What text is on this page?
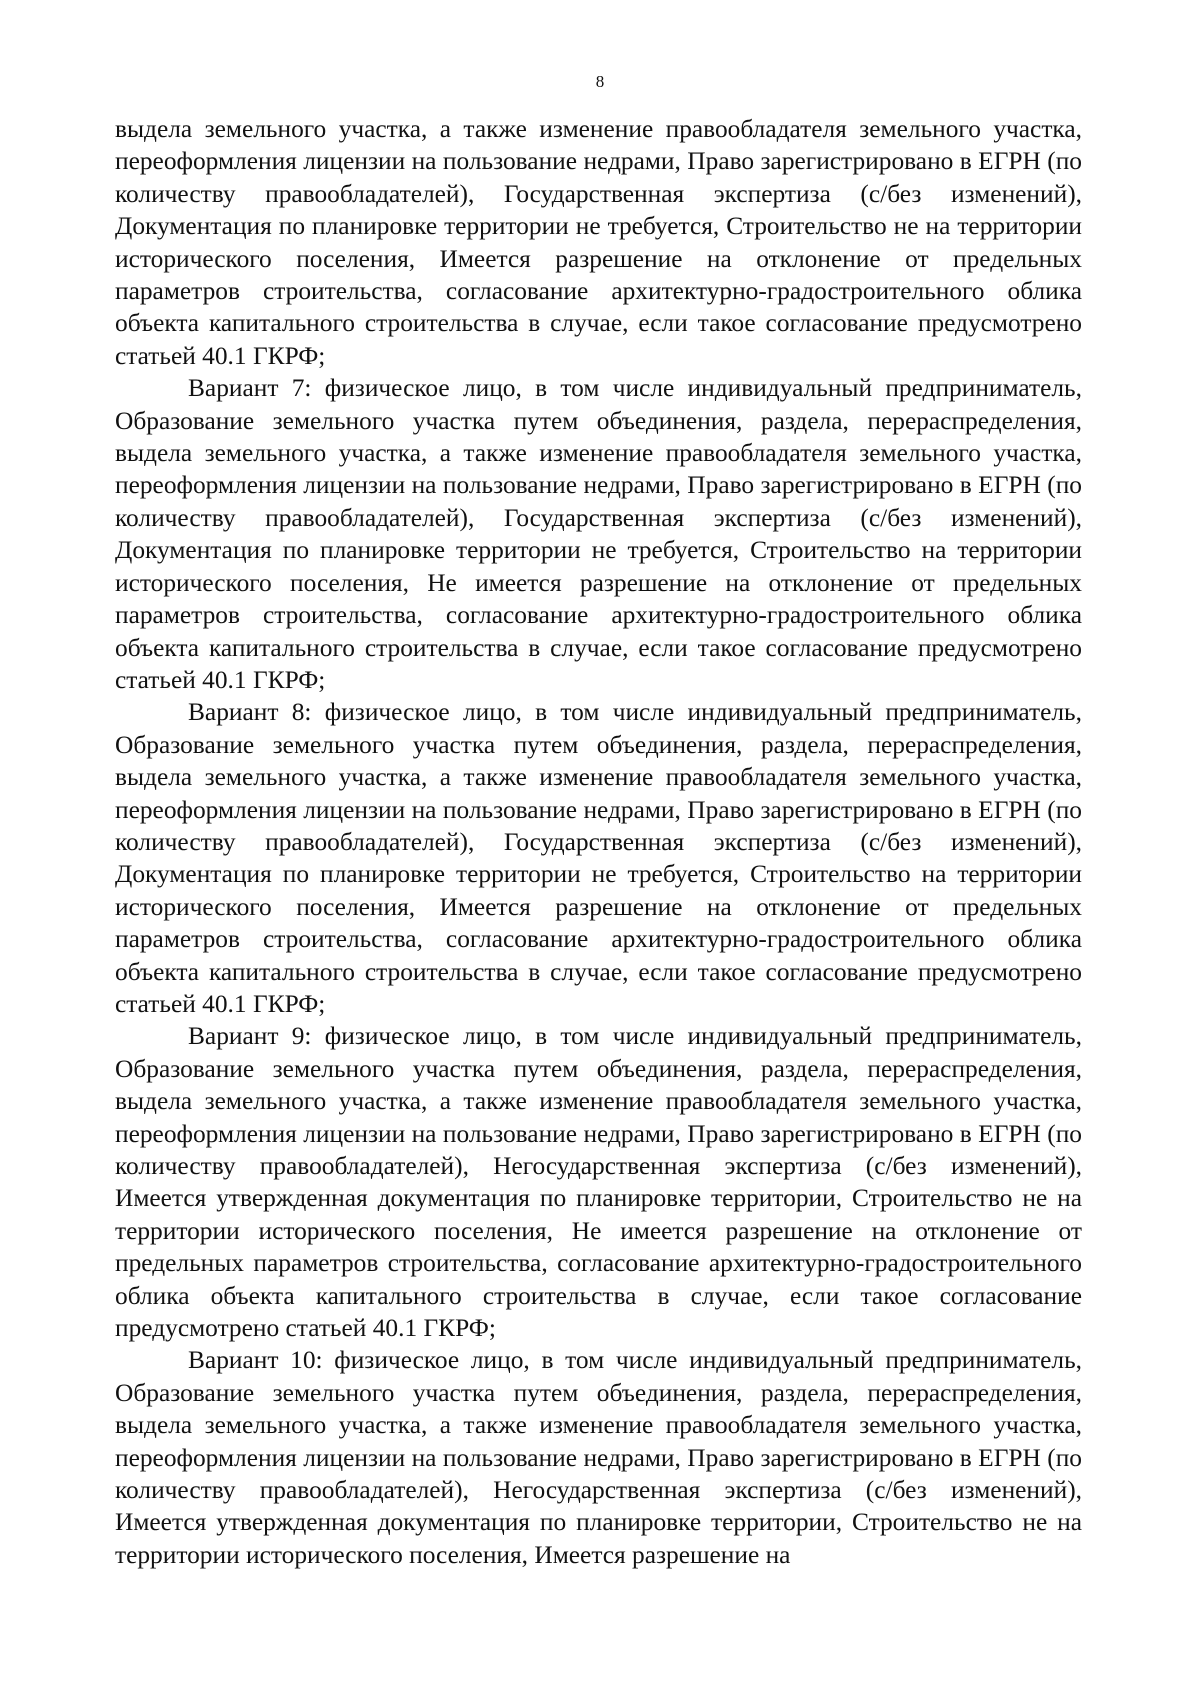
8

выдела земельного участка, а также изменение правообладателя земельного участка, переоформления лицензии на пользование недрами, Право зарегистрировано в ЕГРН (по количеству правообладателей), Государственная экспертиза (с/без изменений), Документация по планировке территории не требуется, Строительство не на территории исторического поселения, Имеется разрешение на отклонение от предельных параметров строительства, согласование архитектурно-градостроительного облика объекта капитального строительства в случае, если такое согласование предусмотрено статьей 40.1 ГКРФ;

Вариант 7: физическое лицо, в том числе индивидуальный предприниматель, Образование земельного участка путем объединения, раздела, перераспределения, выдела земельного участка, а также изменение правообладателя земельного участка, переоформления лицензии на пользование недрами, Право зарегистрировано в ЕГРН (по количеству правообладателей), Государственная экспертиза (с/без изменений), Документация по планировке территории не требуется, Строительство на территории исторического поселения, Не имеется разрешение на отклонение от предельных параметров строительства, согласование архитектурно-градостроительного облика объекта капитального строительства в случае, если такое согласование предусмотрено статьей 40.1 ГКРФ;

Вариант 8: физическое лицо, в том числе индивидуальный предприниматель, Образование земельного участка путем объединения, раздела, перераспределения, выдела земельного участка, а также изменение правообладателя земельного участка, переоформления лицензии на пользование недрами, Право зарегистрировано в ЕГРН (по количеству правообладателей), Государственная экспертиза (с/без изменений), Документация по планировке территории не требуется, Строительство на территории исторического поселения, Имеется разрешение на отклонение от предельных параметров строительства, согласование архитектурно-градостроительного облика объекта капитального строительства в случае, если такое согласование предусмотрено статьей 40.1 ГКРФ;

Вариант 9: физическое лицо, в том числе индивидуальный предприниматель, Образование земельного участка путем объединения, раздела, перераспределения, выдела земельного участка, а также изменение правообладателя земельного участка, переоформления лицензии на пользование недрами, Право зарегистрировано в ЕГРН (по количеству правообладателей), Негосударственная экспертиза (с/без изменений), Имеется утвержденная документация по планировке территории, Строительство не на территории исторического поселения, Не имеется разрешение на отклонение от предельных параметров строительства, согласование архитектурно-градостроительного облика объекта капитального строительства в случае, если такое согласование предусмотрено статьей 40.1 ГКРФ;

Вариант 10: физическое лицо, в том числе индивидуальный предприниматель, Образование земельного участка путем объединения, раздела, перераспределения, выдела земельного участка, а также изменение правообладателя земельного участка, переоформления лицензии на пользование недрами, Право зарегистрировано в ЕГРН (по количеству правообладателей), Негосударственная экспертиза (с/без изменений), Имеется утвержденная документация по планировке территории, Строительство не на территории исторического поселения, Имеется разрешение на
